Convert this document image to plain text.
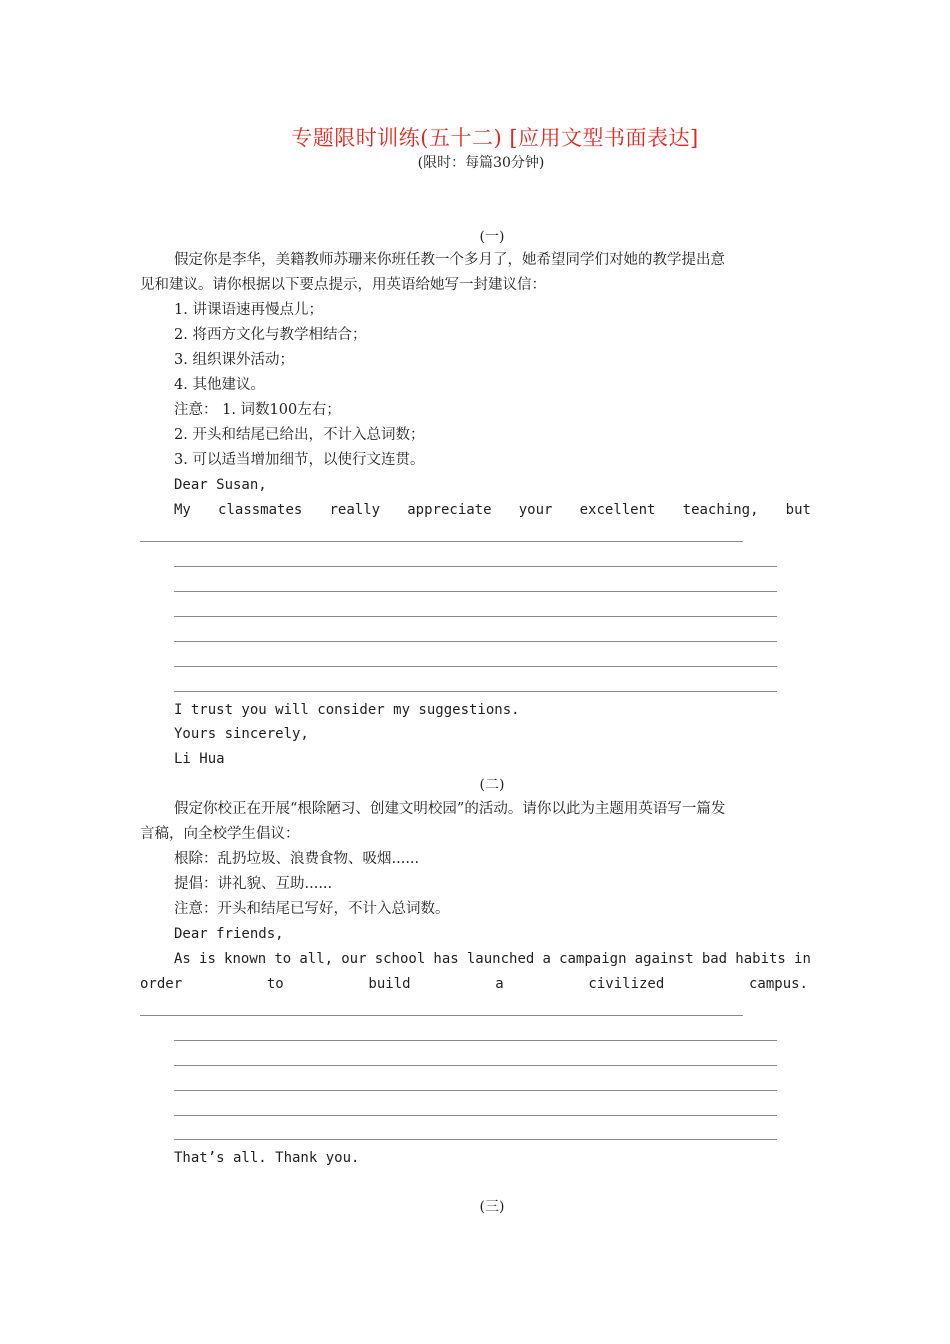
专题限时训练(五十二) [应用文型书面表达]
(限时：每篇30分钟)
(一)
假定你是李华，美籍教师苏珊来你班任教一个多月了，她希望同学们对她的教学提出意
见和建议。请你根据以下要点提示，用英语给她写一封建议信：
1. 讲课语速再慢点儿；
2. 将西方文化与教学相结合；
3. 组织课外活动；
4. 其他建议。
注意： 1. 词数100左右；
2. 开头和结尾已给出，不计入总词数；
3. 可以适当增加细节，以使行文连贯。
Dear Susan,
My classmates really appreciate your excellent teaching, but
I trust you will consider my suggestions.
Yours sincerely,
Li Hua
(二)
假定你校正在开展“根除陋习、创建文明校园”的活动。请你以此为主题用英语写一篇发
言稿，向全校学生倡议：
根除：乱扔垃圾、浪费食物、吸烟......
提倡：讲礼貌、互助......
注意：开头和结尾已写好，不计入总词数。
Dear friends,
As is known to all, our school has launched a campaign against bad habits in
order	to	build	a	civilized	campus.
That’s all. Thank you.
(三)
